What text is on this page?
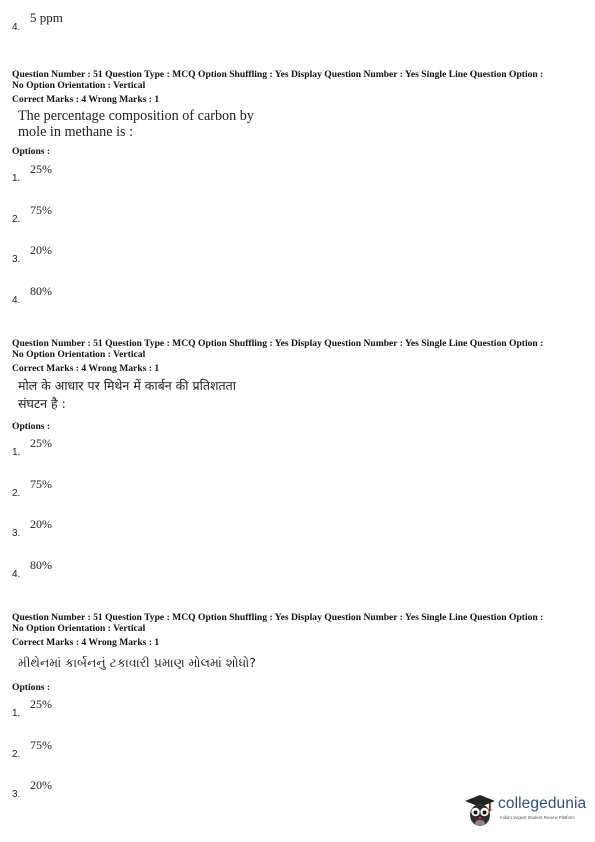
4.
5 ppm
Question Number : 51 Question Type : MCQ Option Shuffling : Yes Display Question Number : Yes Single Line Question Option :
No Option Orientation : Vertical
Correct Marks : 4 Wrong Marks : 1
The percentage composition of carbon by
mole in methane is :
Options :
1.
25%
2.
75%
3.
20%
4.
80%
Question Number : 51 Question Type : MCQ Option Shuffling : Yes Display Question Number : Yes Single Line Question Option :
No Option Orientation : Vertical
Correct Marks : 4 Wrong Marks : 1
मोल के आधार पर मिथेन में कार्बन की प्रतिशतता
संघटन है :
Options :
1.
25%
2.
75%
3.
20%
4.
80%
Question Number : 51 Question Type : MCQ Option Shuffling : Yes Display Question Number : Yes Single Line Question Option :
No Option Orientation : Vertical
Correct Marks : 4 Wrong Marks : 1
મીથેનમાં કાર્બનનું ટકાવારી પ્રમાણ મોલમાં શોધો?
Options :
1.
25%
2.
75%
3.
20%
collegedunia
India's largest Student Review Platform
